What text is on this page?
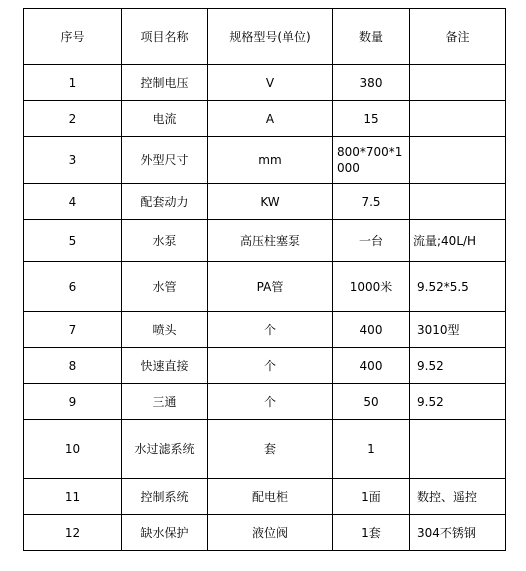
序号	项目名称	规格型号(单位)	数量	备注
1	控制电压	V	380	
2	电流	A	15	
3	外型尺寸	mm	800*700*1000	
4	配套动力	KW	7.5	
5	水泵	高压柱塞泵	一台	流量;40L/H
6	水管	PA管	1000米	9.52*5.5
7	喷头	个	400	3010型
8	快速直接	个	400	9.52
9	三通	个	50	9.52
10	水过滤系统	套	1	
11	控制系统	配电柜	1面	数控、遥控
12	缺水保护	液位阀	1套	304不锈钢
